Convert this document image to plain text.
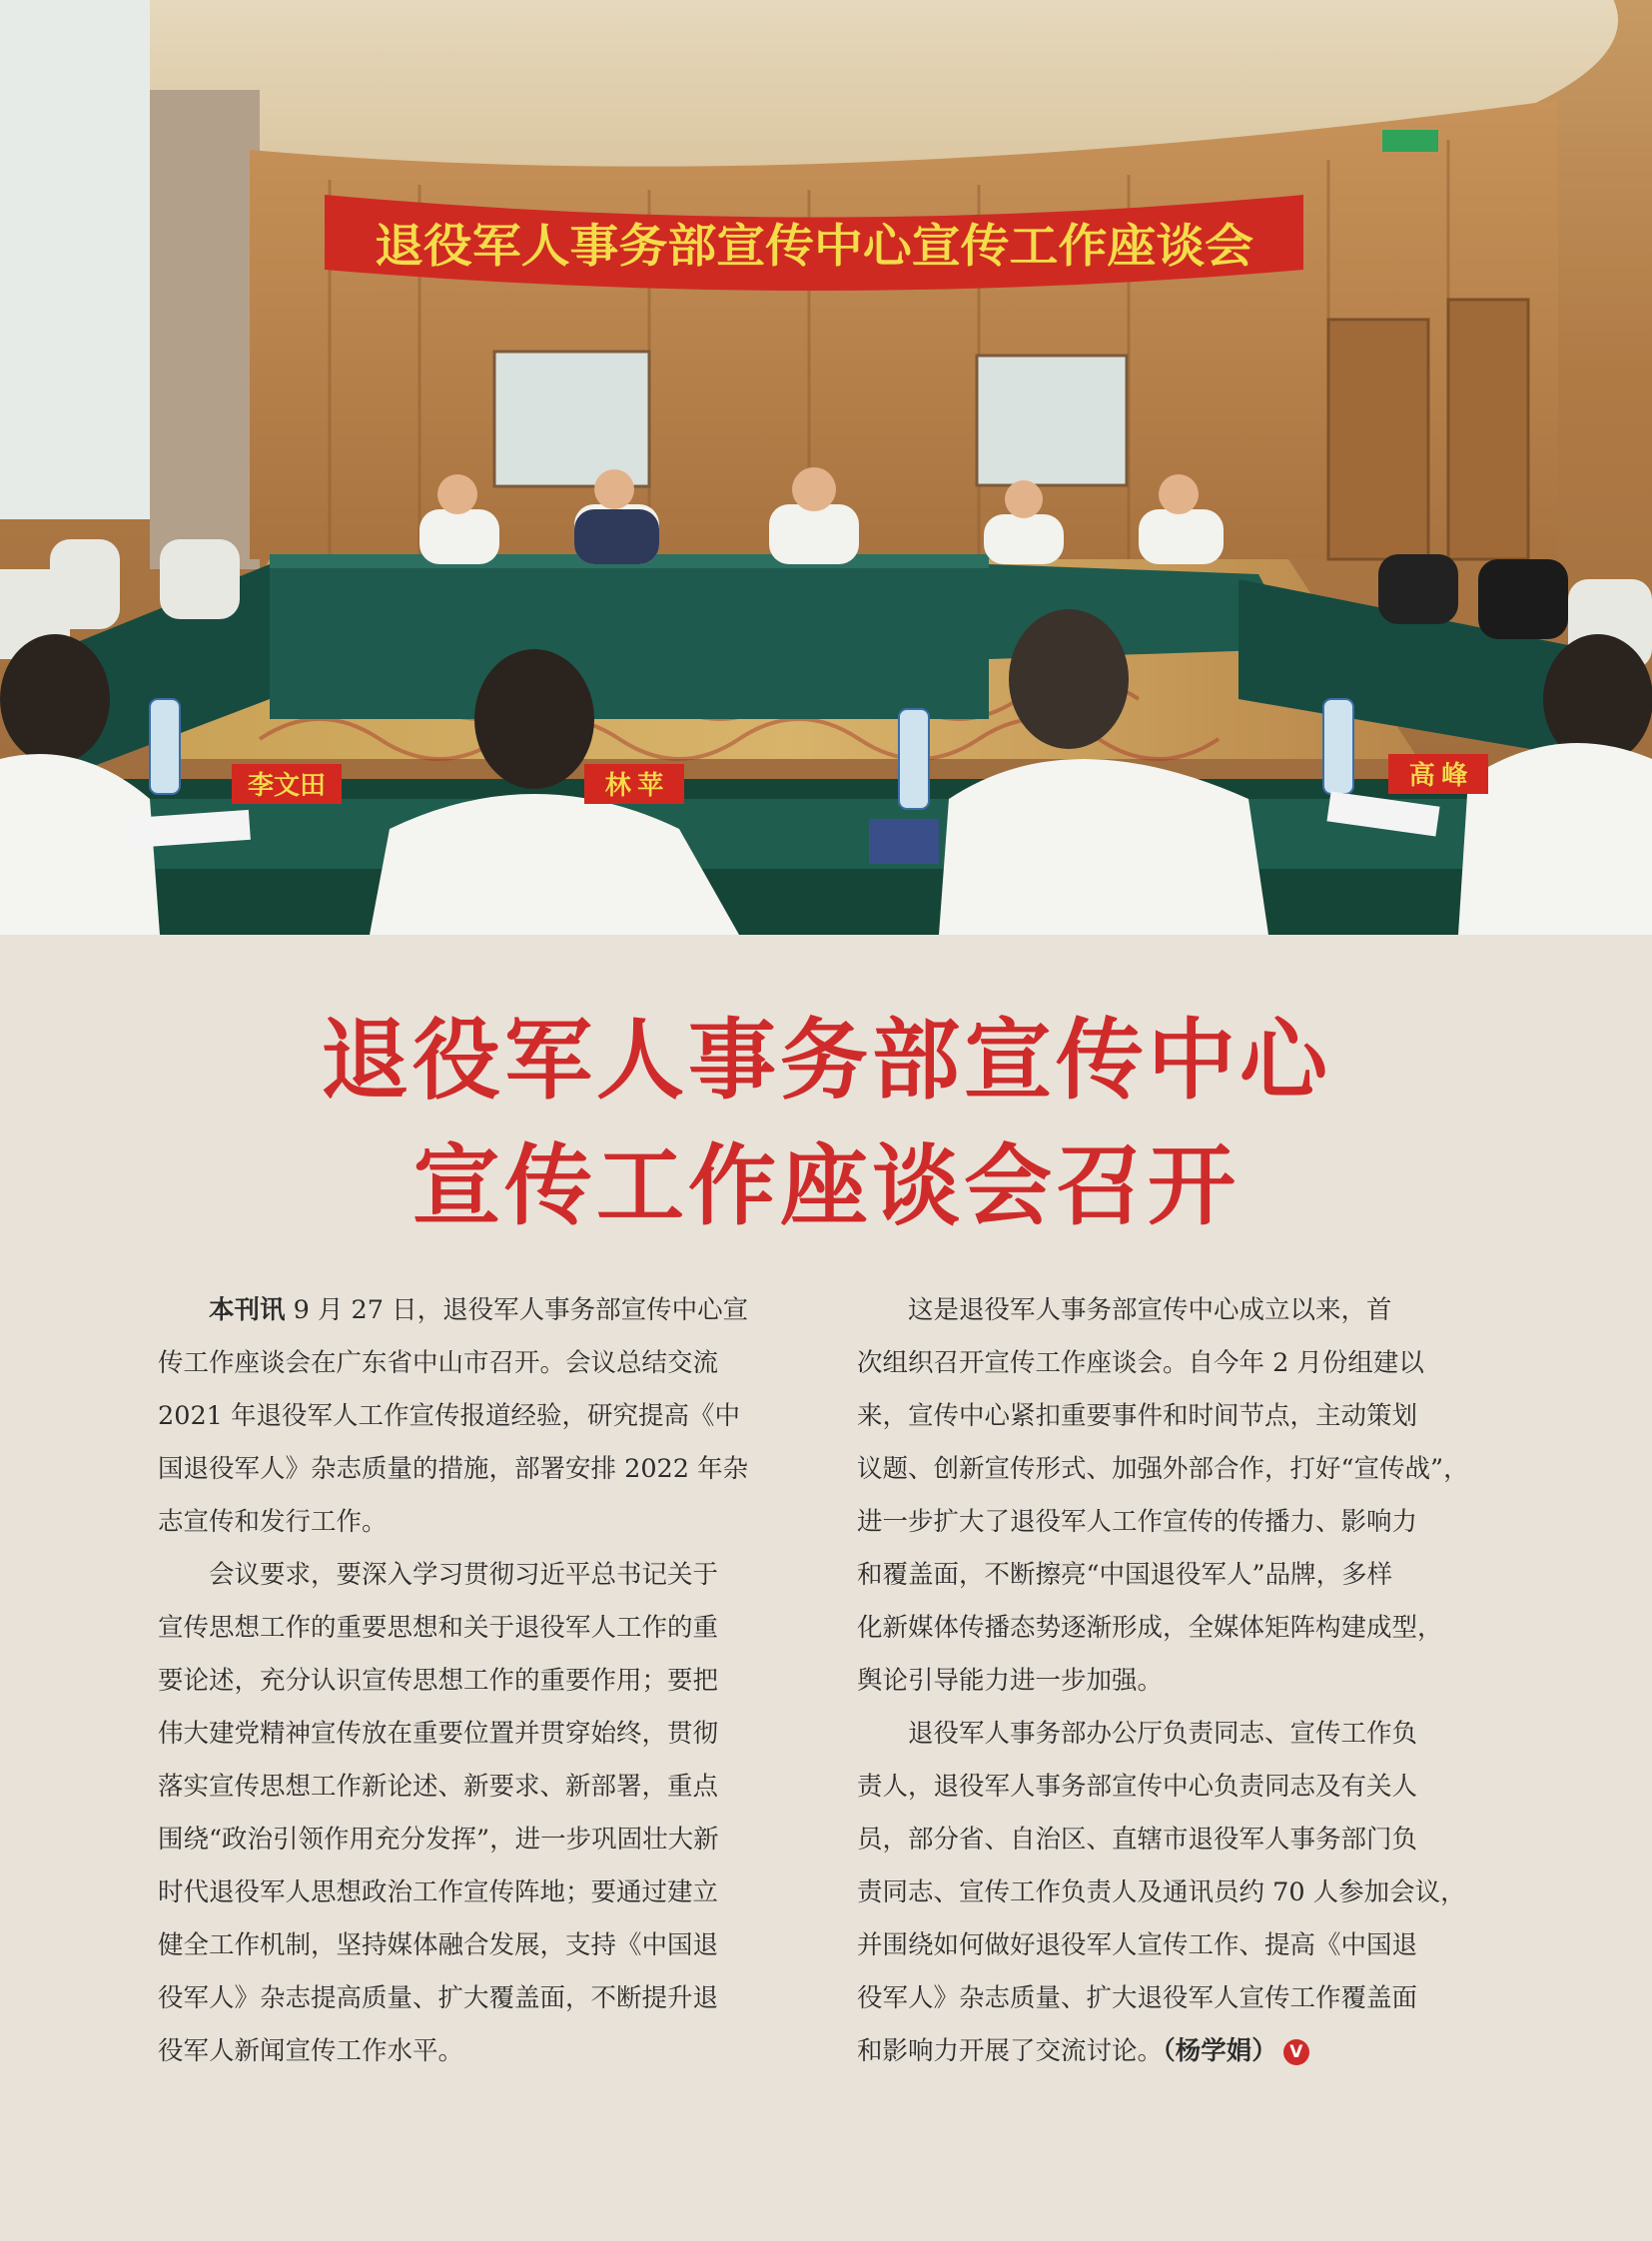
退役军人事务部宣传中心宣传工作座谈会
李文田	林 苹	高 峰
退役军人事务部宣传中心
宣传工作座谈会召开

本刊讯 9 月 27 日，退役军人事务部宣传中心宣
传工作座谈会在广东省中山市召开。会议总结交流
2021 年退役军人工作宣传报道经验，研究提高《中
国退役军人》杂志质量的措施，部署安排 2022 年杂
志宣传和发行工作。

会议要求，要深入学习贯彻习近平总书记关于
宣传思想工作的重要思想和关于退役军人工作的重
要论述，充分认识宣传思想工作的重要作用；要把
伟大建党精神宣传放在重要位置并贯穿始终，贯彻
落实宣传思想工作新论述、新要求、新部署，重点
围绕“政治引领作用充分发挥”，进一步巩固壮大新
时代退役军人思想政治工作宣传阵地；要通过建立
健全工作机制，坚持媒体融合发展，支持《中国退
役军人》杂志提高质量、扩大覆盖面，不断提升退
役军人新闻宣传工作水平。

这是退役军人事务部宣传中心成立以来，首
次组织召开宣传工作座谈会。自今年 2 月份组建以
来，宣传中心紧扣重要事件和时间节点，主动策划
议题、创新宣传形式、加强外部合作，打好“宣传战”，
进一步扩大了退役军人工作宣传的传播力、影响力
和覆盖面，不断擦亮“中国退役军人”品牌，多样
化新媒体传播态势逐渐形成，全媒体矩阵构建成型，
舆论引导能力进一步加强。

退役军人事务部办公厅负责同志、宣传工作负
责人，退役军人事务部宣传中心负责同志及有关人
员，部分省、自治区、直辖市退役军人事务部门负
责同志、宣传工作负责人及通讯员约 70 人参加会议，
并围绕如何做好退役军人宣传工作、提高《中国退
役军人》杂志质量、扩大退役军人宣传工作覆盖面
和影响力开展了交流讨论。（杨学娟） V
